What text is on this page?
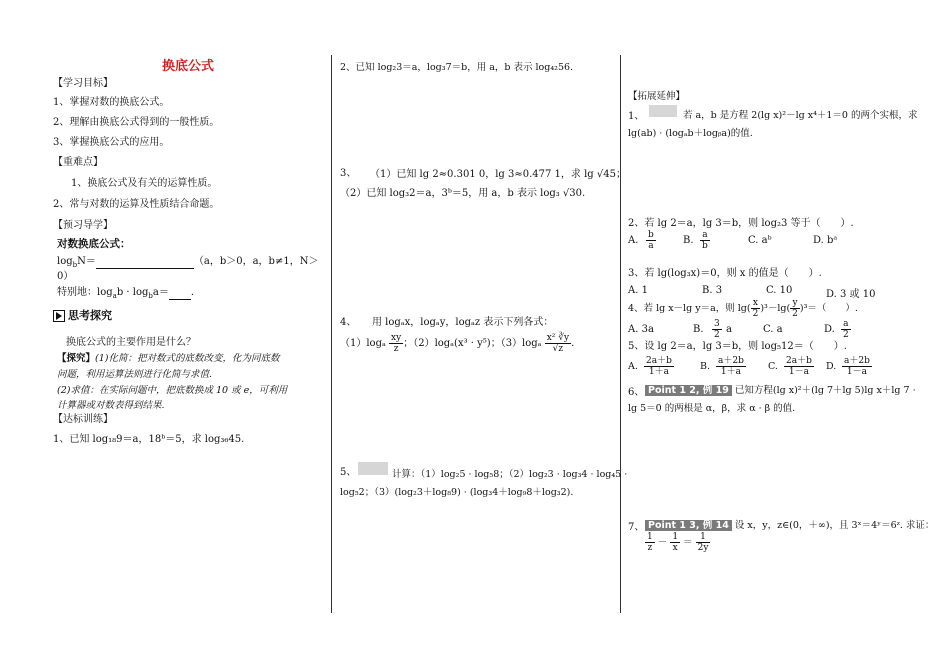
换底公式
【学习目标】
1、掌握对数的换底公式。
2、理解由换底公式得到的一般性质。
3、掌握换底公式的应用。
【重难点】
1、换底公式及有关的运算性质。
2、常与对数的运算及性质结合命题。
【预习导学】
对数换底公式：
$\log_bN=$	（a，b＞0，a，b≠1，N＞
0）
特别地：$\log_ab \cdot \log_ba=$ ．
思考探究
换底公式的主要作用是什么？
【探究】(1)化简：把对数式的底数改变，化为同底数
问题，利用运算法则进行化简与求值.
(2)求值：在实际问题中，把底数换成 10 或 e，可利用
计算器或对数表得到结果.
【达标训练】
1、已知 log₁₈9＝a，18ᵇ＝5，求 log₃₆45.
2、已知 log₂3＝a，log₃7＝b，用 a，b 表示 log₄₂56.
3、 （1）已知 lg 2≈0.301 0，lg 3≈0.477 1，求 lg √45；
（2）已知 log₃2＝a，3ᵇ＝5，用 a，b 表示 log₃ √30.
4、 用 logₐx，logₐy，logₐz 表示下列各式：
$(1)\log_a \frac{xy}{z}$ ；（2）logₐ(x³ · y⁵)；$(3)\log_a \frac{\text{x² ∛y}}{√z}$ .
5、	计算：（1）log₂5 · log₅8；（2）log₂3 · log₃4 · log₄5 ·
log₅2；（3）(log₂3＋log₈9) · (log₃4＋log₉8＋log₃2).
【拓展延伸】
1、	若 a，b 是方程 2(lg x)²－lg x⁴＋1＝0 的两个实根，求
lg(ab) · (logₐb＋logᵦa)的值.
2、若 lg 2＝a，lg 3＝b，则 log₂3 等于（　　）.
A. $\frac{b}{a}$	B. $\frac{a}{b}$	C. aᵇ	D. bᵃ
3、若 lg(log₃x)＝0，则 x 的值是（　　）.
A. 1	B. 3	C. 10	D. 3 或 10
4、若 lg x－lg y＝a，则 $\lg( \frac{x}{2} )^3-\lg( \frac{y}{2} )^3=$（　　）.
A. 3a	B. $\frac{3}{2}$ a	C. a	D. $\frac{a}{2}$
5、设 lg 2＝a，lg 3＝b，则 log₅12＝（　　）.
A. $\frac{2a+b}{1+a}$	B. $\frac{a+2b}{1+a} C$. $\frac{2a+b}{1-a} D$. $\frac{a+2b}{1-a}$
6、 Point 1 2, 例 19 已知方程(lg x)²＋(lg 7＋lg 5)lg x＋lg 7 ·
lg 5＝0 的两根是 α，β，求 α · β 的值.
7、 Point 1 3, 例 14 设 x，y，z∈(0，＋∞)，且 3ˣ＝4ʸ＝6ᶻ. 求证：
$\frac{1}{z} - \frac{1}{x} = \frac{1}{2y}$
